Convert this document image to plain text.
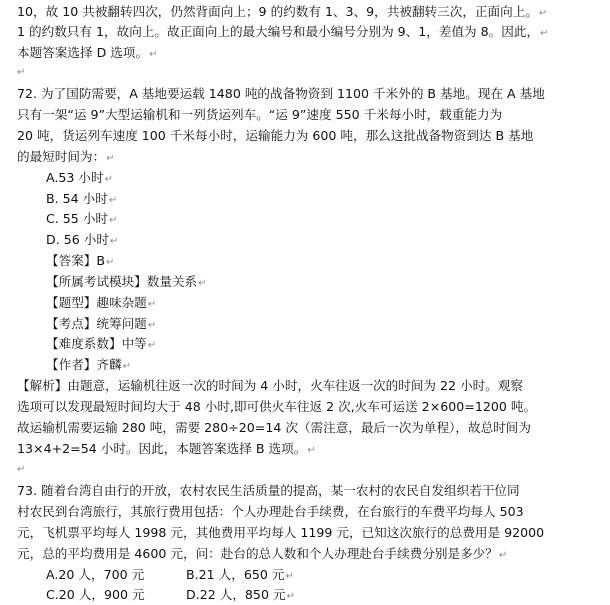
10，故 10 共被翻转四次，仍然背面向上；9 的约数有 1、3、9，共被翻转三次，正面向上。↵
1 的约数只有 1，故向上。故正面向上的最大编号和最小编号分别为 9、1，差值为 8。因此，↵
本题答案选择 D 选项。↵
↵
72. 为了国防需要，A 基地要运载 1480 吨的战备物资到 1100 千米外的 B 基地。现在 A 基地
只有一架“运 9”大型运输机和一列货运列车。“运 9”速度 550 千米每小时，载重能力为
20 吨，货运列车速度 100 千米每小时，运输能力为 600 吨，那么这批战备物资到达 B 基地
的最短时间为：↵
A.53 小时↵
B. 54 小时↵
C. 55 小时↵
D. 56 小时↵
【答案】B↵
【所属考试模块】数量关系↵
【题型】趣味杂题↵
【考点】统筹问题↵
【难度系数】中等↵
【作者】齐麟↵
【解析】由题意，运输机往返一次的时间为 4 小时，火车往返一次的时间为 22 小时。观察
选项可以发现最短时间均大于 48 小时,即可供火车往返 2 次,火车可运送 2×600=1200 吨。
故运输机需要运输 280 吨，需要 280÷20=14 次（需注意，最后一次为单程），故总时间为
13×4+2=54 小时。因此，本题答案选择 B 选项。↵
↵
73. 随着台湾自由行的开放，农村农民生活质量的提高，某一农村的农民自发组织若干位同
村农民到台湾旅行，其旅行费用包括：个人办理赴台手续费，在台旅行的车费平均每人 503
元，飞机票平均每人 1998 元，其他费用平均每人 1199 元，已知这次旅行的总费用是 92000
元，总的平均费用是 4600 元，问：赴台的总人数和个人办理赴台手续费分别是多少？↵
A.20 人，700 元	B.21 人，650 元↵
C.20 人，900 元	D.22 人，850 元↵
